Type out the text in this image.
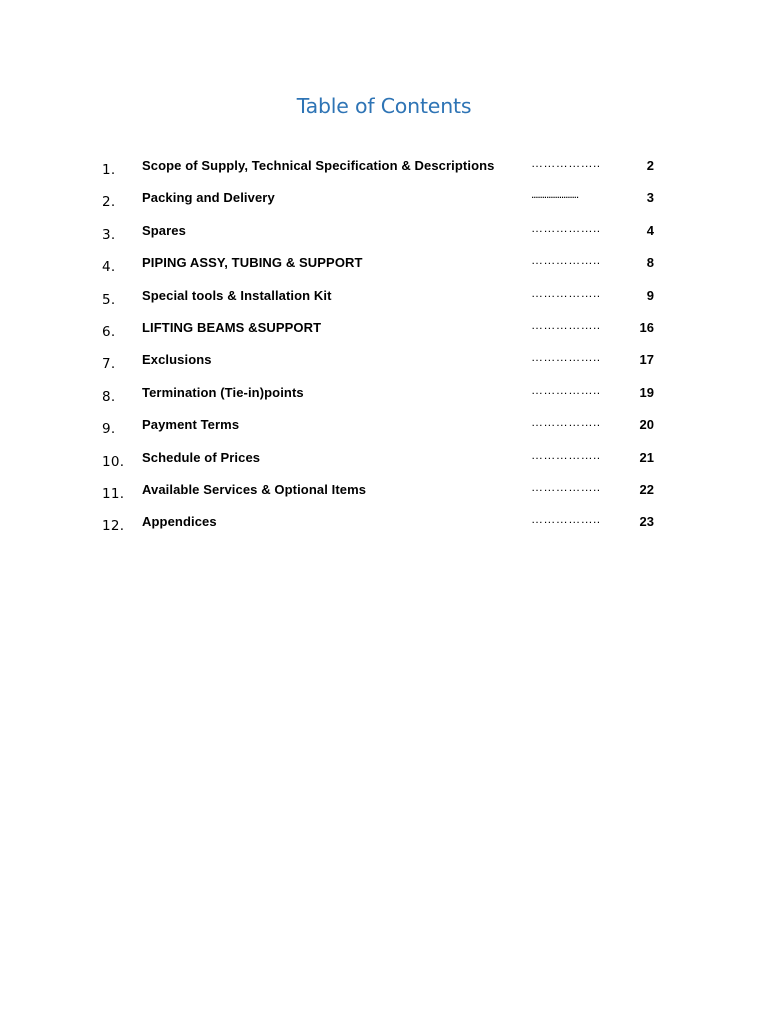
Table of Contents
1. Scope of Supply, Technical Specification & Descriptions	……………..	2
2. Packing and Delivery	......................	3
3. Spares	……………..	4
4. PIPING ASSY, TUBING & SUPPORT	……………..	8
5. Special tools & Installation Kit	……………..	9
6. LIFTING BEAMS &SUPPORT	……………..	16
7. Exclusions	……………..	17
8. Termination (Tie-in)points	……………..	19
9. Payment Terms	……………..	20
10. Schedule of Prices	……………..	21
11. Available Services & Optional Items	……………..	22
12. Appendices	……………..	23
